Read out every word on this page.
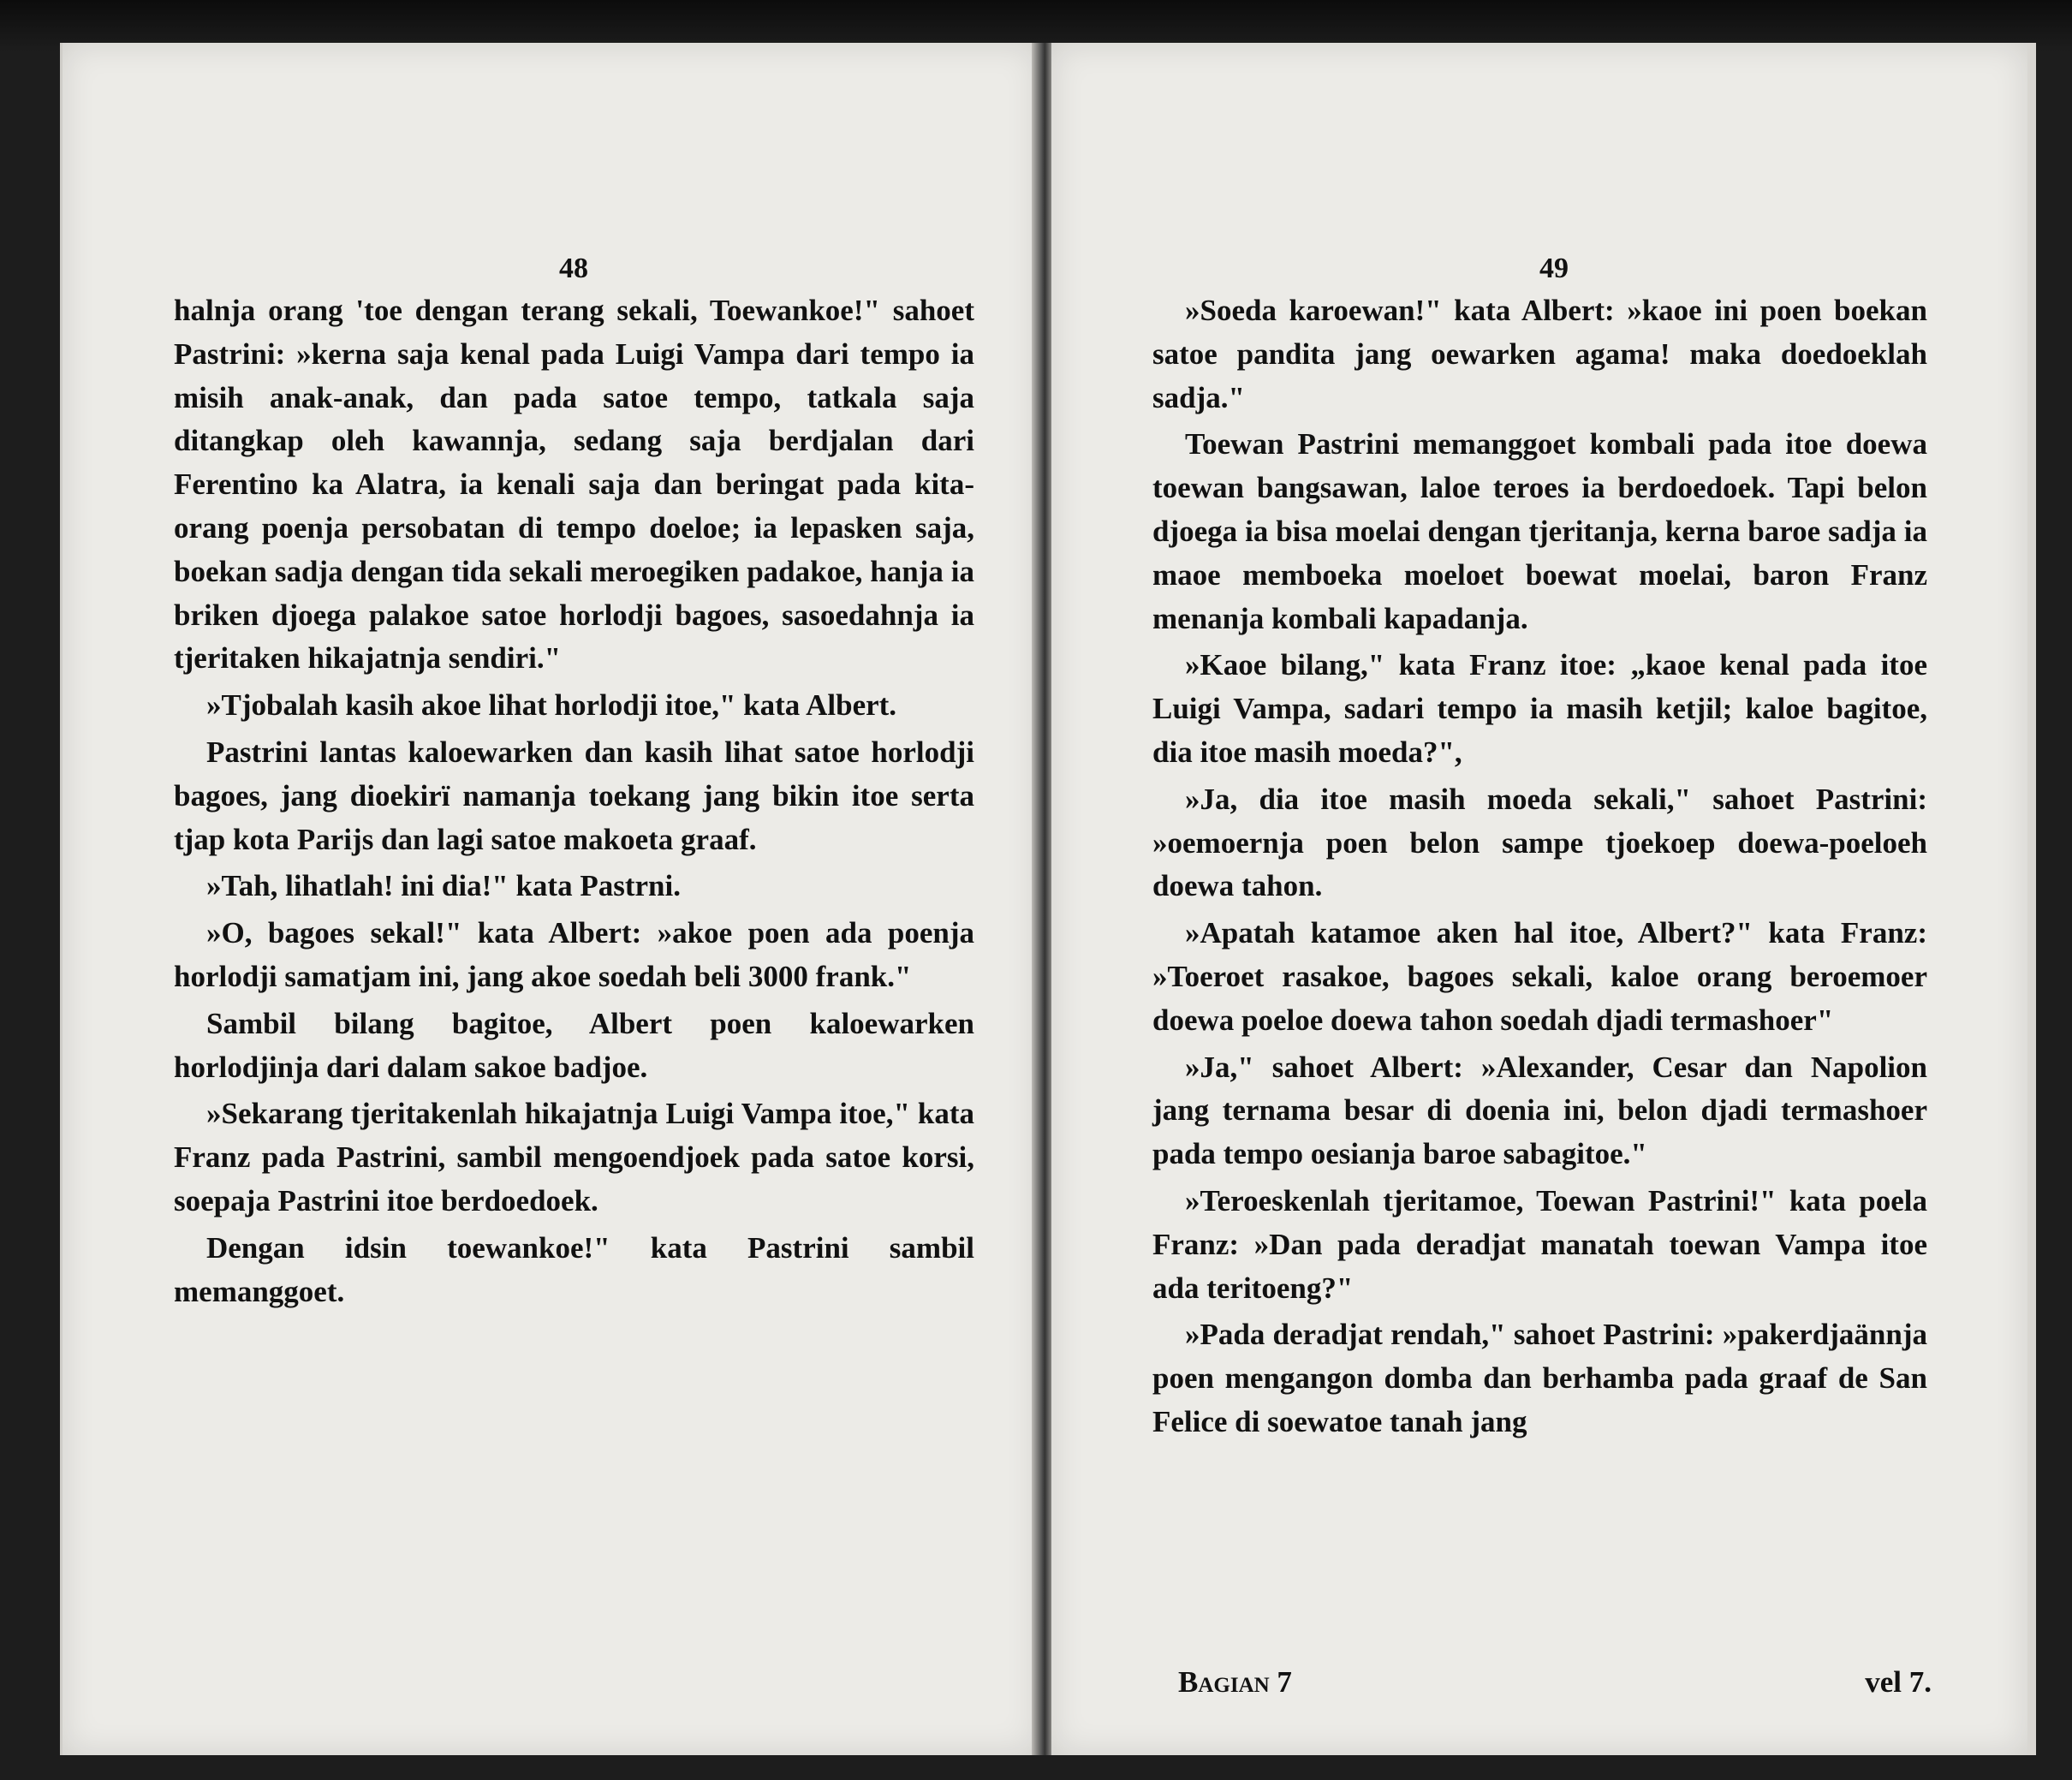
48

halnja orang 'toe dengan terang sekali, Toewankoe!" sahoet Pastrini: »kerna saja kenal pada Luigi Vampa dari tempo ia misih anak-anak, dan pada satoe tempo, tatkala saja ditangkap oleh kawannja, sedang saja berdjalan dari Ferentino ka Alatra, ia kenali saja dan beringat pada kita-orang poenja persobatan di tempo doeloe; ia lepasken saja, boekan sadja dengan tida sekali meroegiken padakoe, hanja ia briken djoega palakoe satoe horlodji bagoes, sasoedahnja ia tjeritaken hikajatnja sendiri."

»Tjobalah kasih akoe lihat horlodji itoe," kata Albert.

Pastrini lantas kaloewarken dan kasih lihat satoe horlodji bagoes, jang dioekirï namanja toekang jang bikin itoe serta tjap kota Parijs dan lagi satoe makoeta graaf.

»Tah, lihatlah! ini dia!" kata Pastrni.

»O, bagoes sekal!" kata Albert: »akoe poen ada poenja horlodji samatjam ini, jang akoe soedah beli 3000 frank."

Sambil bilang bagitoe, Albert poen kaloewarken horlodjinja dari dalam sakoe badjoe.

»Sekarang tjeritakenlah hikajatnja Luigi Vampa itoe," kata Franz pada Pastrini, sambil mengoendjoek pada satoe korsi, soepaja Pastrini itoe berdoedoek.

Dengan idsin toewankoe!" kata Pastrini sambil memanggoet.

49

»Soeda karoewan!" kata Albert: »kaoe ini poen boekan satoe pandita jang oewarken agama! maka doedoeklah sadja."

Toewan Pastrini memanggoet kombali pada itoe doewa toewan bangsawan, laloe teroes ia berdoedoek. Tapi belon djoega ia bisa moelai dengan tjeritanja, kerna baroe sadja ia maoe memboeka moeloet boewat moelai, baron Franz menanja kombali kapadanja.

»Kaoe bilang," kata Franz itoe: „kaoe kenal pada itoe Luigi Vampa, sadari tempo ia masih ketjil; kaloe bagitoe, dia itoe masih moeda?",

»Ja, dia itoe masih moeda sekali," sahoet Pastrini: »oemoernja poen belon sampe tjoekoep doewa-poeloeh doewa tahon.

»Apatah katamoe aken hal itoe, Albert?" kata Franz: »Toeroet rasakoe, bagoes sekali, kaloe orang beroemoer doewa poeloe doewa tahon soedah djadi termashoer"

»Ja," sahoet Albert: »Alexander, Cesar dan Napolion jang ternama besar di doenia ini, belon djadi termashoer pada tempo oesianja baroe sabagitoe."

»Teroeskenlah tjeritamoe, Toewan Pastrini!" kata poela Franz: »Dan pada deradjat manatah toewan Vampa itoe ada teritoeng?"

»Pada deradjat rendah," sahoet Pastrini: »pakerdjaännja poen mengangon domba dan berhamba pada graaf de San Felice di soewatoe tanah jang

Bagian 7	vel 7.
